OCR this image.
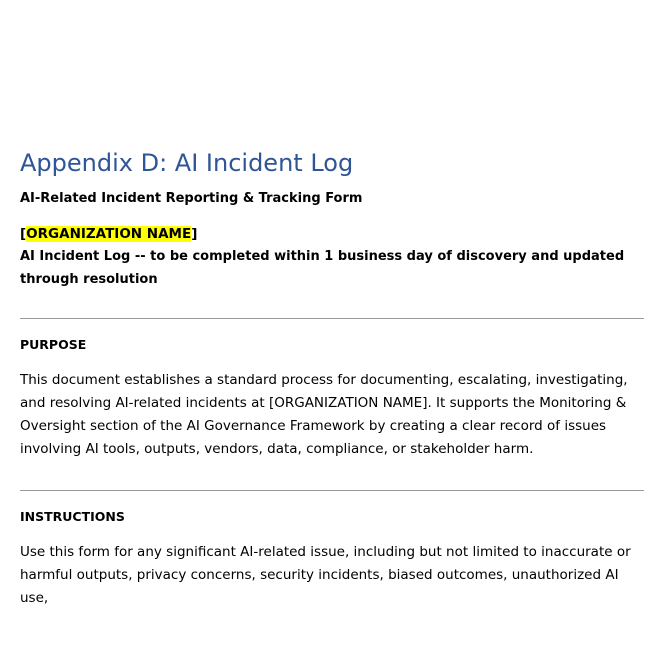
Appendix D: AI Incident Log
AI-Related Incident Reporting & Tracking Form
[ORGANIZATION NAME]
AI Incident Log -- to be completed within 1 business day of discovery and updated through resolution
PURPOSE
This document establishes a standard process for documenting, escalating, investigating, and resolving AI-related incidents at [ORGANIZATION NAME]. It supports the Monitoring & Oversight section of the AI Governance Framework by creating a clear record of issues involving AI tools, outputs, vendors, data, compliance, or stakeholder harm.
INSTRUCTIONS
Use this form for any significant AI-related issue, including but not limited to inaccurate or harmful outputs, privacy concerns, security incidents, biased outcomes, unauthorized AI use,
